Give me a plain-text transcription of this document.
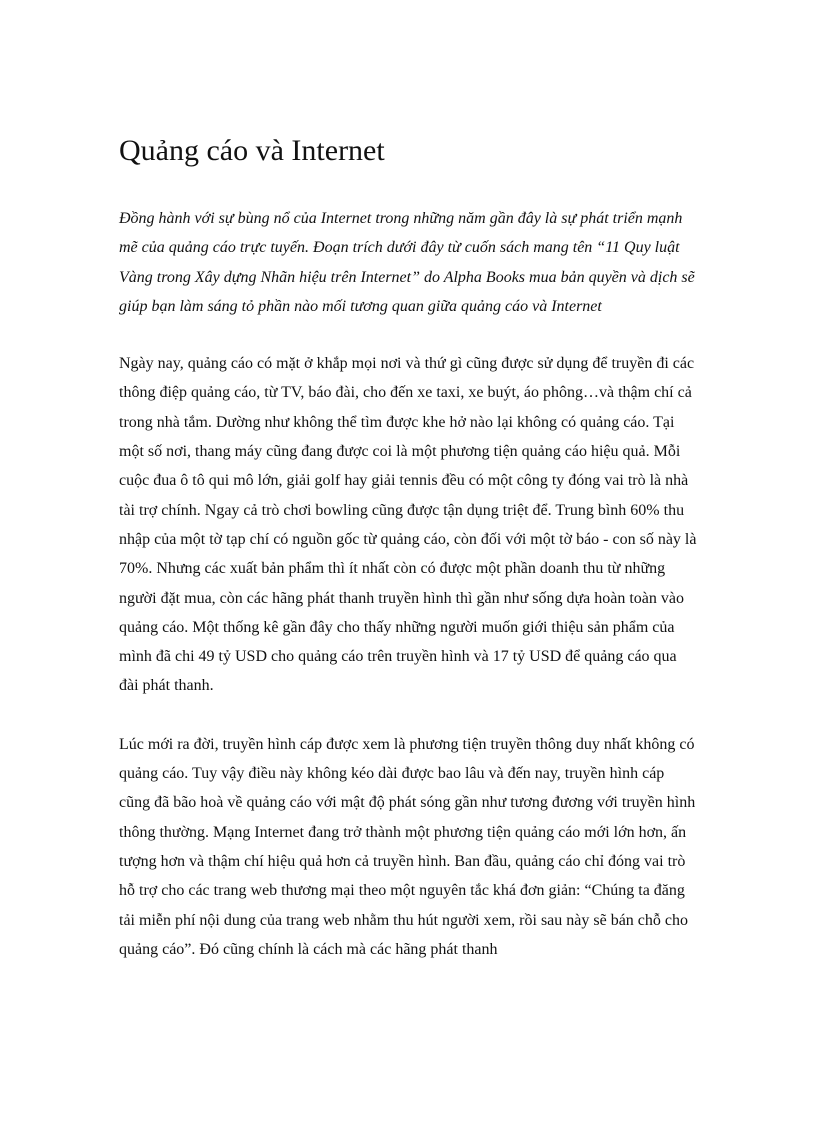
Quảng cáo và Internet

Đồng hành với sự bùng nổ của Internet trong những năm gần đây là sự phát triển mạnh mẽ của quảng cáo trực tuyến. Đoạn trích dưới đây từ cuốn sách mang tên “11 Quy luật Vàng trong Xây dựng Nhãn hiệu trên Internet” do Alpha Books mua bản quyền và dịch sẽ giúp bạn làm sáng tỏ phần nào mối tương quan giữa quảng cáo và Internet

Ngày nay, quảng cáo có mặt ở khắp mọi nơi và thứ gì cũng được sử dụng để truyền đi các thông điệp quảng cáo, từ TV, báo đài, cho đến xe taxi, xe buýt, áo phông…và thậm chí cả trong nhà tắm. Dường như không thể tìm được khe hở nào lại không có quảng cáo. Tại một số nơi, thang máy cũng đang được coi là một phương tiện quảng cáo hiệu quả. Mỗi cuộc đua ô tô qui mô lớn, giải golf hay giải tennis đều có một công ty đóng vai trò là nhà tài trợ chính. Ngay cả trò chơi bowling cũng được tận dụng triệt để. Trung bình 60% thu nhập của một tờ tạp chí có nguồn gốc từ quảng cáo, còn đối với một tờ báo - con số này là 70%. Nhưng các xuất bản phẩm thì ít nhất còn có được một phần doanh thu từ những người đặt mua, còn các hãng phát thanh truyền hình thì gần như sống dựa hoàn toàn vào quảng cáo. Một thống kê gần đây cho thấy những người muốn giới thiệu sản phẩm của mình đã chi 49 tỷ USD cho quảng cáo trên truyền hình và 17 tỷ USD để quảng cáo qua đài phát thanh.

Lúc mới ra đời, truyền hình cáp được xem là phương tiện truyền thông duy nhất không có quảng cáo. Tuy vậy điều này không kéo dài được bao lâu và đến nay, truyền hình cáp cũng đã bão hoà về quảng cáo với mật độ phát sóng gần như tương đương với truyền hình thông thường. Mạng Internet đang trở thành một phương tiện quảng cáo mới lớn hơn, ấn tượng hơn và thậm chí hiệu quả hơn cả truyền hình. Ban đầu, quảng cáo chỉ đóng vai trò hỗ trợ cho các trang web thương mại theo một nguyên tắc khá đơn giản: “Chúng ta đăng tải miễn phí nội dung của trang web nhằm thu hút người xem, rồi sau này sẽ bán chỗ cho quảng cáo”. Đó cũng chính là cách mà các hãng phát thanh
